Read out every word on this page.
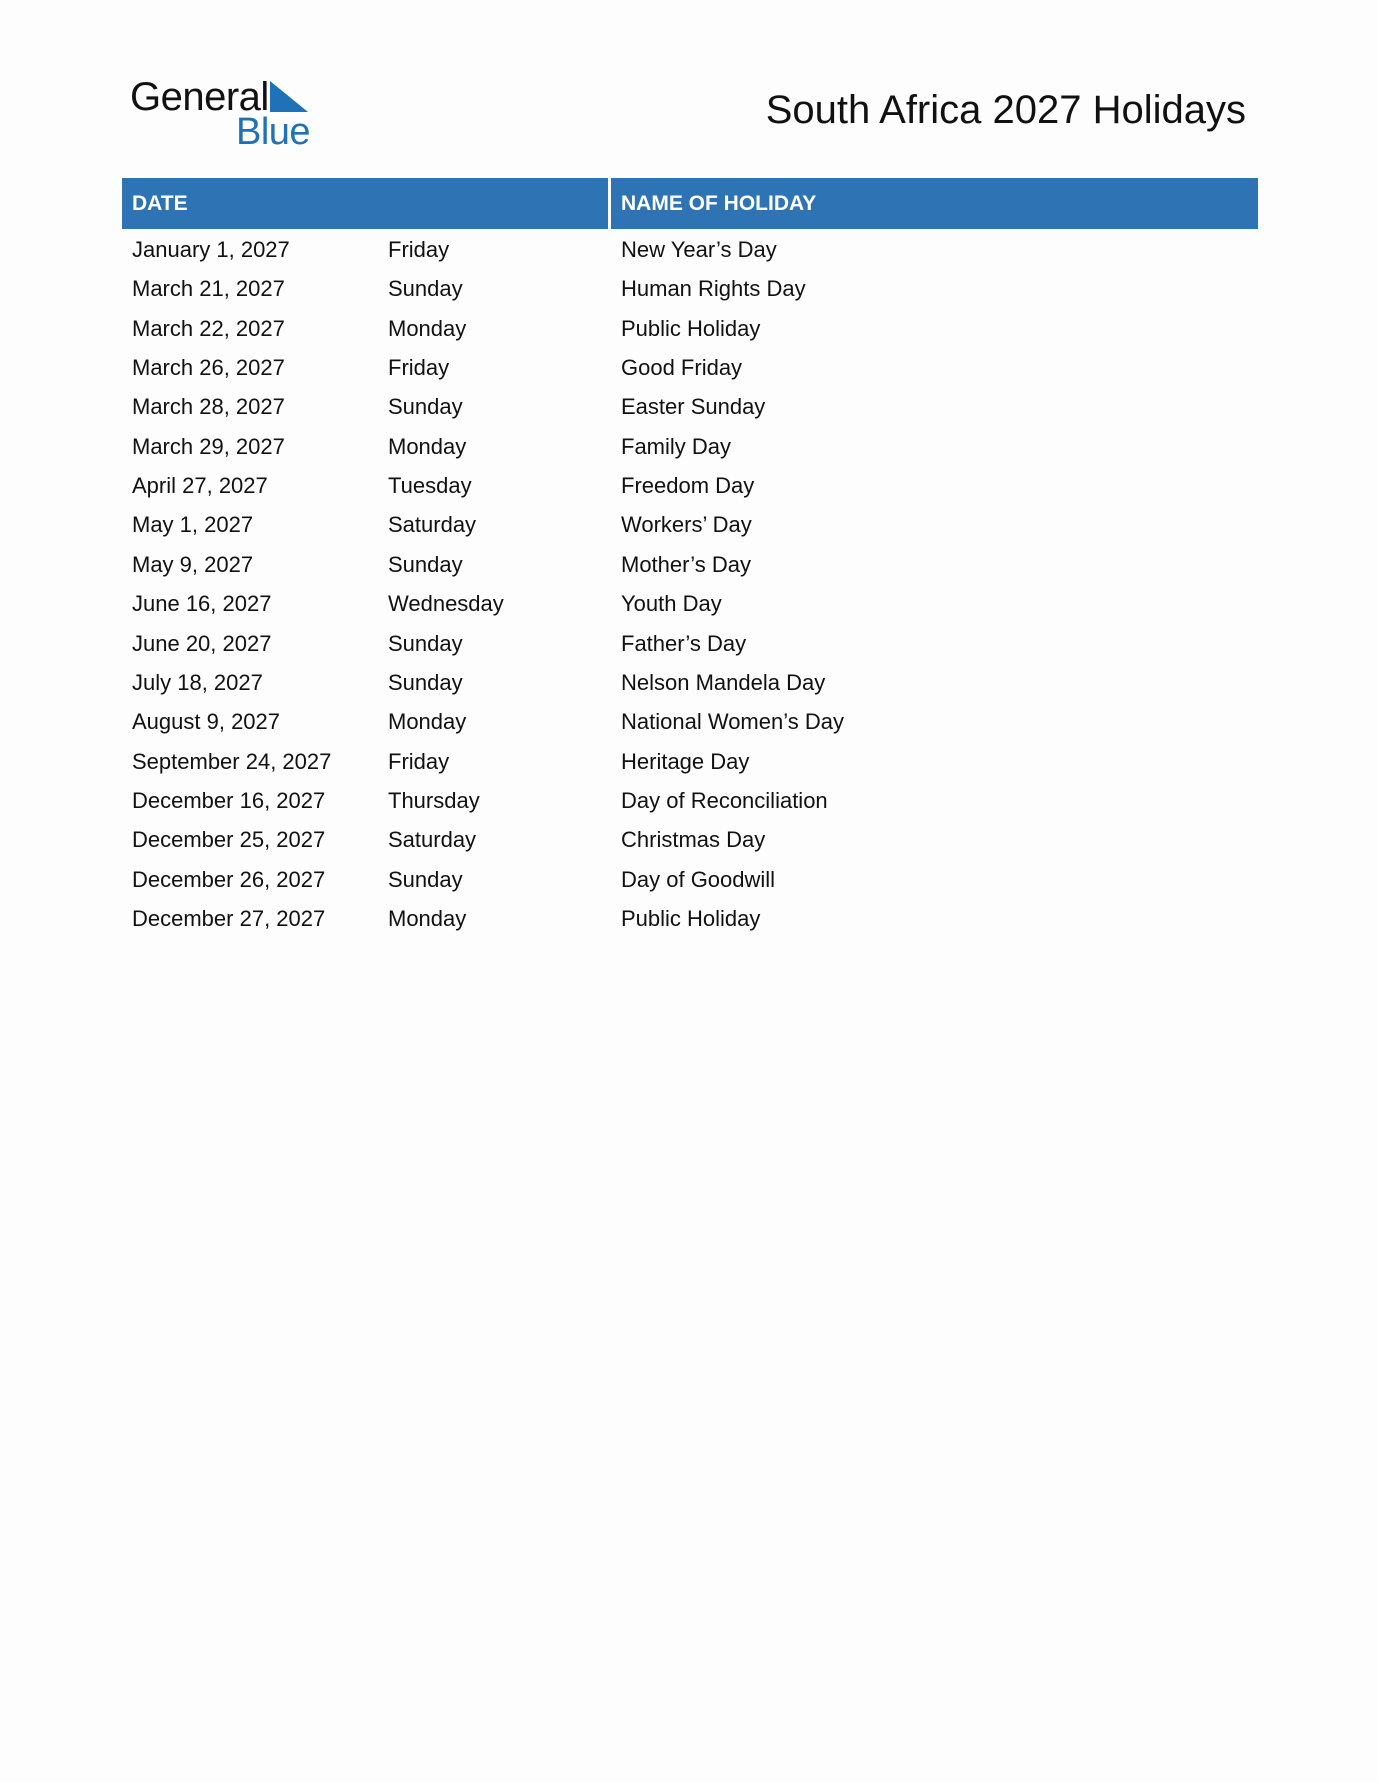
General
Blue	South Africa 2027 Holidays
DATE	NAME OF HOLIDAY
January 1, 2027	Friday	New Year’s Day
March 21, 2027	Sunday	Human Rights Day
March 22, 2027	Monday	Public Holiday
March 26, 2027	Friday	Good Friday
March 28, 2027	Sunday	Easter Sunday
March 29, 2027	Monday	Family Day
April 27, 2027	Tuesday	Freedom Day
May 1, 2027	Saturday	Workers’ Day
May 9, 2027	Sunday	Mother’s Day
June 16, 2027	Wednesday	Youth Day
June 20, 2027	Sunday	Father’s Day
July 18, 2027	Sunday	Nelson Mandela Day
August 9, 2027	Monday	National Women’s Day
September 24, 2027	Friday	Heritage Day
December 16, 2027	Thursday	Day of Reconciliation
December 25, 2027	Saturday	Christmas Day
December 26, 2027	Sunday	Day of Goodwill
December 27, 2027	Monday	Public Holiday
